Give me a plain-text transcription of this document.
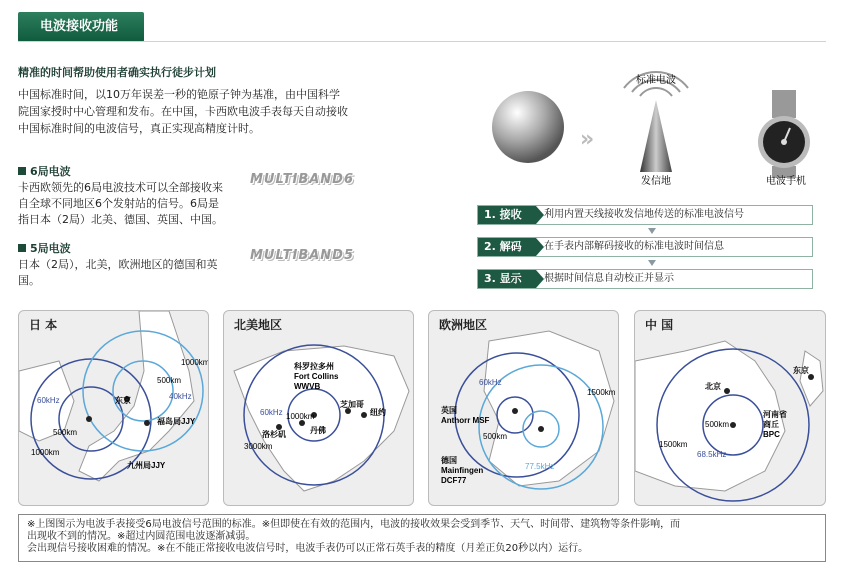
电波接收功能
精准的时间帮助使用者确实执行徒步计划
中国标准时间，以10万年误差一秒的铯原子钟为基准，由中国科学
院国家授时中心管理和发布。在中国，卡西欧电波手表每天自动接收
中国标准时间的电波信号，真正实现高精度计时。
6局电波
卡西欧领先的6局电波技术可以全部接收来
自全球不同地区6个发射站的信号。6局是
指日本（2局）北美、德国、英国、中国。
MULTIBAND6
5局电波
日本（2局），北美，欧洲地区的德国和英
国。
MULTIBAND5
»
标准电波
发信地	电波手机
1. 接收	利用内置天线接收发信地传送的标准电波信号
2. 解码	在手表内部解码接收的标准电波时间信息
3. 显示	根据时间信息自动校正并显示
日 本
1000km
500km
40kHz
60kHz	东京
500km
福岛局JJY
1000km
九州局JJY
北美地区
科罗拉多州
Fort Collins
WWVB
1000km
60kHz
芝加哥
纽约
洛杉矶	丹佛
3000km
欧洲地区
60kHz
1500km
英国
Anthorr MSF
500km
德国
Mainfingen
DCF77
77.5kHz
中 国
东京
北京
500km
河南省
商丘
BPC
1500km
68.5kHz

※上图图示为电波手表接受6局电波信号范围的标准。※但即使在有效的范围内，电波的接收效果会受到季节、天气、时间带、建筑物等条件影响，而

出现收不到的情况。※超过内圆范围电波逐渐减弱。

会出现信号接收困难的情况。※在不能正常接收电波信号时，电波手表仍可以正常石英手表的精度（月差正负20秒以内）运行。
